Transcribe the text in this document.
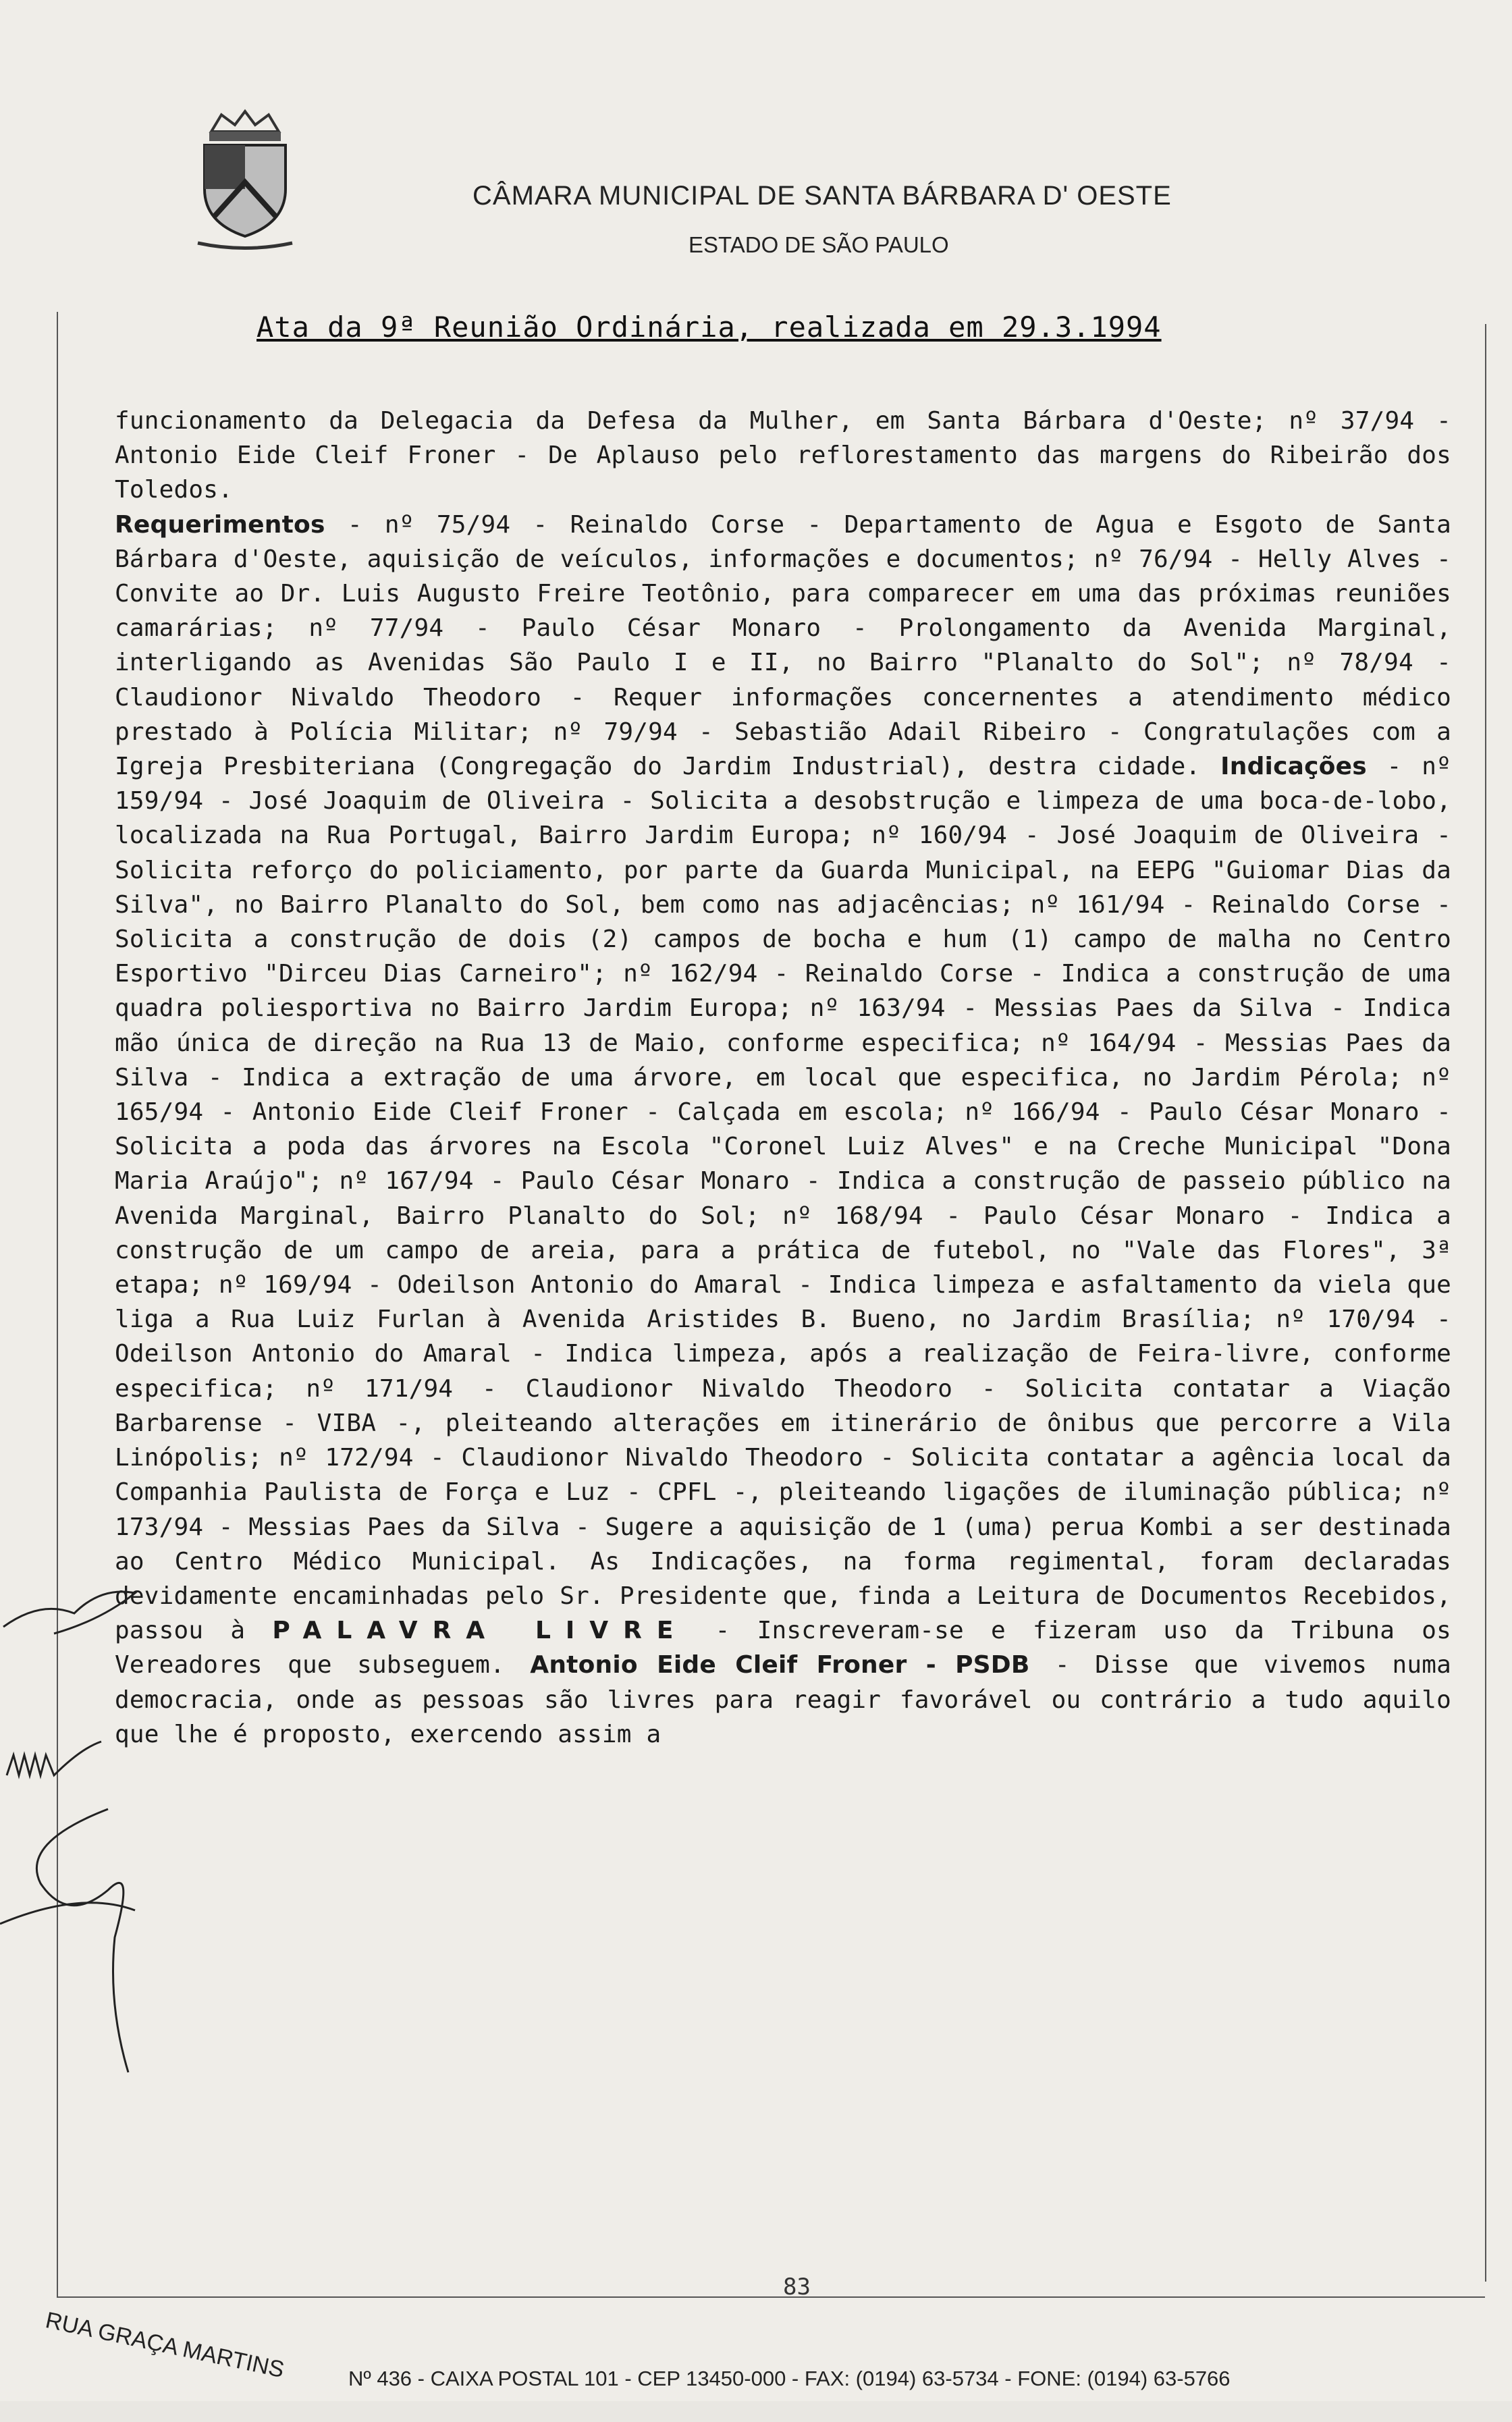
CÂMARA MUNICIPAL DE SANTA BÁRBARA D' OESTE
ESTADO DE SÃO PAULO
Ata da 9ª Reunião Ordinária, realizada em 29.3.1994
funcionamento da Delegacia da Defesa da Mulher, em Santa Bárbara d'Oeste; nº 37/94 - Antonio Eide Cleif Froner - De Aplauso pelo reflorestamento das margens do Ribeirão dos Toledos.
Requerimentos - nº 75/94 - Reinaldo Corse - Departamento de Agua e Esgoto de Santa Bárbara d'Oeste, aquisição de veículos, informações e documentos; nº 76/94 - Helly Alves - Convite ao Dr. Luis Augusto Freire Teotônio, para comparecer em uma das próximas reuniões camarárias; nº 77/94 - Paulo César Monaro - Prolongamento da Avenida Marginal, interligando as Avenidas São Paulo I e II, no Bairro "Planalto do Sol"; nº 78/94 - Claudionor Nivaldo Theodoro - Requer informações concernentes a atendimento médico prestado à Polícia Militar; nº 79/94 - Sebastião Adail Ribeiro - Congratulações com a Igreja Presbiteriana (Congregação do Jardim Industrial), destra cidade. Indicações - nº 159/94 - José Joaquim de Oliveira - Solicita a desobstrução e limpeza de uma boca-de-lobo, localizada na Rua Portugal, Bairro Jardim Europa; nº 160/94 - José Joaquim de Oliveira - Solicita reforço do policiamento, por parte da Guarda Municipal, na EEPG "Guiomar Dias da Silva", no Bairro Planalto do Sol, bem como nas adjacências; nº 161/94 - Reinaldo Corse - Solicita a construção de dois (2) campos de bocha e hum (1) campo de malha no Centro Esportivo "Dirceu Dias Carneiro"; nº 162/94 - Reinaldo Corse - Indica a construção de uma quadra poliesportiva no Bairro Jardim Europa; nº 163/94 - Messias Paes da Silva - Indica mão única de direção na Rua 13 de Maio, conforme especifica; nº 164/94 - Messias Paes da Silva - Indica a extração de uma árvore, em local que especifica, no Jardim Pérola; nº 165/94 - Antonio Eide Cleif Froner - Calçada em escola; nº 166/94 - Paulo César Monaro - Solicita a poda das árvores na Escola "Coronel Luiz Alves" e na Creche Municipal "Dona Maria Araújo"; nº 167/94 - Paulo César Monaro - Indica a construção de passeio público na Avenida Marginal, Bairro Planalto do Sol; nº 168/94 - Paulo César Monaro - Indica a construção de um campo de areia, para a prática de futebol, no "Vale das Flores", 3ª etapa; nº 169/94 - Odeilson Antonio do Amaral - Indica limpeza e asfaltamento da viela que liga a Rua Luiz Furlan à Avenida Aristides B. Bueno, no Jardim Brasília; nº 170/94 - Odeilson Antonio do Amaral - Indica limpeza, após a realização de Feira-livre, conforme especifica; nº 171/94 - Claudionor Nivaldo Theodoro - Solicita contatar a Viação Barbarense - VIBA -, pleiteando alterações em itinerário de ônibus que percorre a Vila Linópolis; nº 172/94 - Claudionor Nivaldo Theodoro - Solicita contatar a agência local da Companhia Paulista de Força e Luz - CPFL -, pleiteando ligações de iluminação pública; nº 173/94 - Messias Paes da Silva - Sugere a aquisição de 1 (uma) perua Kombi a ser destinada ao Centro Médico Municipal. As Indicações, na forma regimental, foram declaradas devidamente encaminhadas pelo Sr. Presidente que, finda a Leitura de Documentos Recebidos, passou à PALAVRA LIVRE - Inscreveram-se e fizeram uso da Tribuna os Vereadores que subseguem. Antonio Eide Cleif Froner - PSDB - Disse que vivemos numa democracia, onde as pessoas são livres para reagir favorável ou contrário a tudo aquilo que lhe é proposto, exercendo assim a
83
RUA GRAÇA MARTINS	Nº 436 - CAIXA POSTAL 101 - CEP 13450-000 - FAX: (0194) 63-5734 - FONE: (0194) 63-5766
